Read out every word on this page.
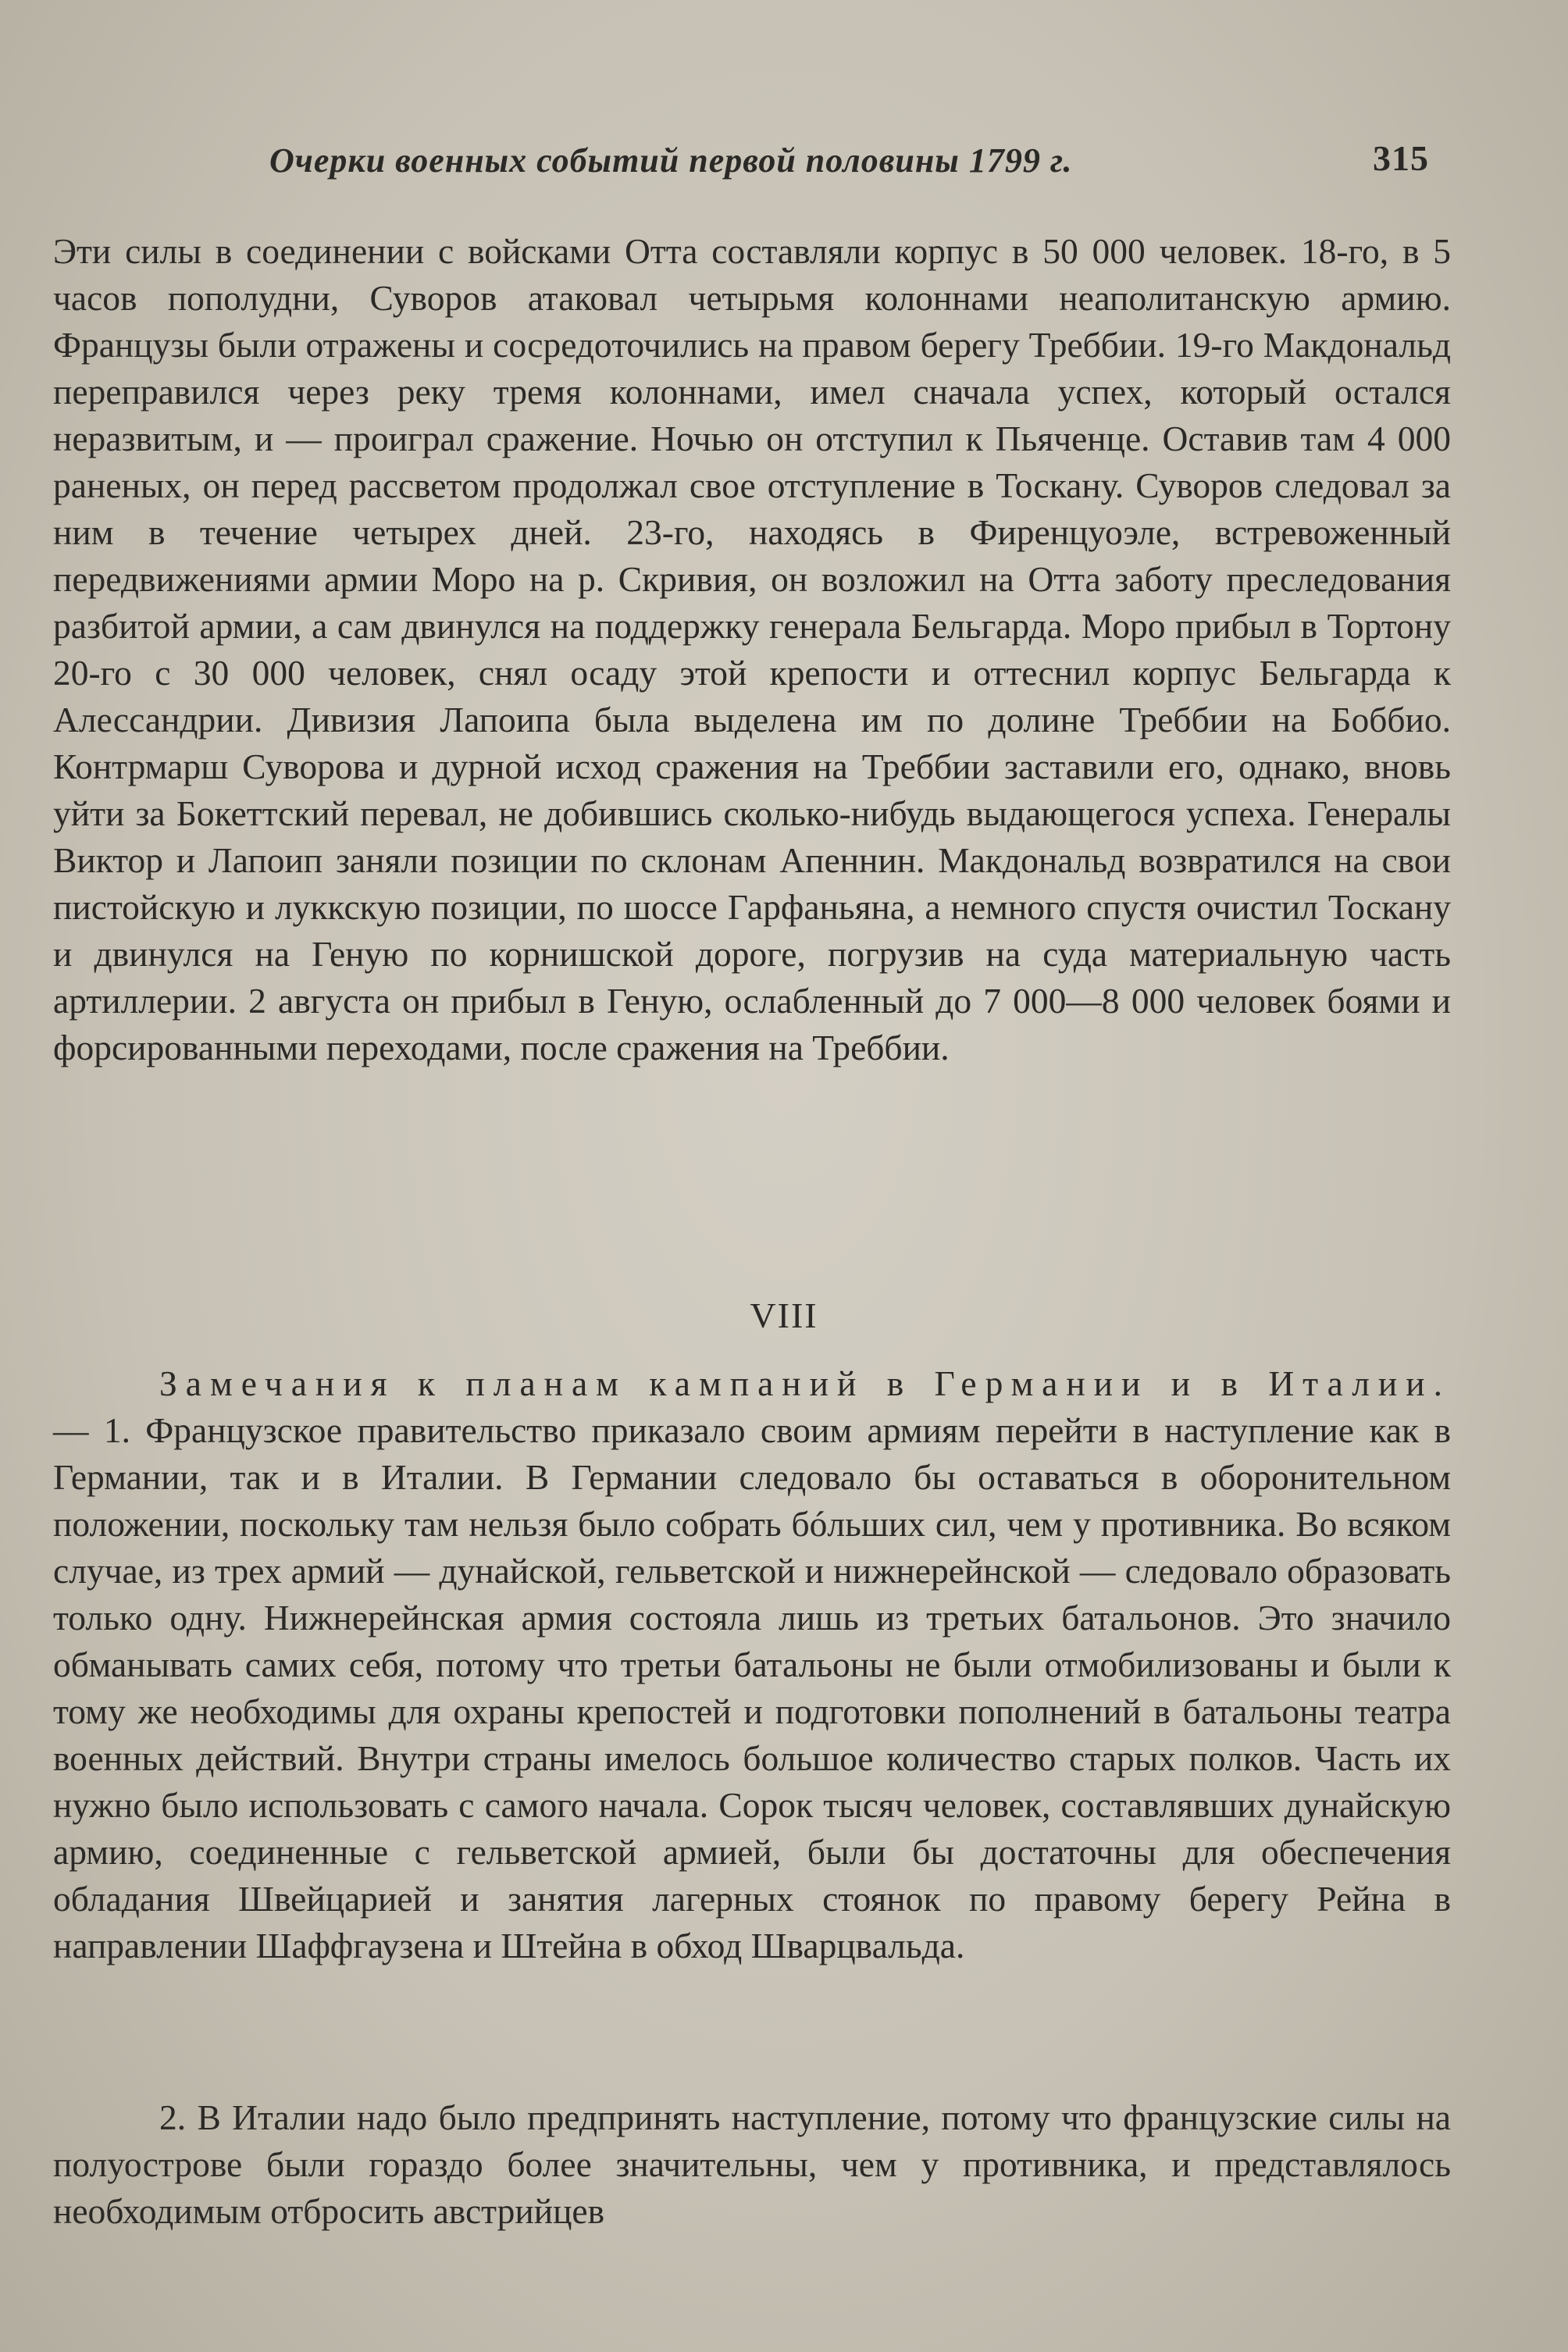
Очерки военных событий первой половины 1799 г.	315

Эти силы в соединении с войсками Отта составляли корпус в 50 000 человек. 18-го, в 5 часов пополудни, Суворов атаковал четырьмя колоннами неаполитанскую армию. Французы были отражены и сосредоточились на правом берегу Треббии. 19-го Макдональд переправился через реку тремя колоннами, имел сначала успех, который остался неразвитым, и — проиграл сражение. Ночью он отступил к Пьяченце. Оставив там 4 000 раненых, он перед рассветом продолжал свое отступление в Тоскану. Суворов следовал за ним в течение четырех дней. 23-го, находясь в Фиренцуоэле, встревоженный передвижениями армии Моро на р. Скривия, он возложил на Отта заботу преследования разбитой армии, а сам двинулся на поддержку генерала Бельгарда. Моро прибыл в Тортону 20-го с 30 000 человек, снял осаду этой крепости и оттеснил корпус Бельгарда к Алессандрии. Дивизия Лапоипа была выделена им по долине Треббии на Боббио. Контрмарш Суворова и дурной исход сражения на Треббии заставили его, однако, вновь уйти за Бокеттский перевал, не добившись сколько-нибудь выдающегося успеха. Генералы Виктор и Лапоип заняли позиции по склонам Апеннин. Макдональд возвратился на свои пистойскую и луккскую позиции, по шоссе Гарфаньяна, а немного спустя очистил Тоскану и двинулся на Геную по корнишской дороге, погрузив на суда материальную часть артиллерии. 2 августа он прибыл в Геную, ослабленный до 7 000—8 000 человек боями и форсированными переходами, после сражения на Треббии.

VIII

Замечания к планам кампаний в Германии и в Италии. — 1. Французское правительство приказало своим армиям перейти в наступление как в Германии, так и в Италии. В Германии следовало бы оставаться в оборонительном положении, поскольку там нельзя было собрать бóльших сил, чем у противника. Во всяком случае, из трех армий — дунайской, гельветской и нижнерейнской — следовало образовать только одну. Нижнерейнская армия состояла лишь из третьих батальонов. Это значило обманывать самих себя, потому что третьи батальоны не были отмобилизованы и были к тому же необходимы для охраны крепостей и подготовки пополнений в батальоны театра военных действий. Внутри страны имелось большое количество старых полков. Часть их нужно было использовать с самого начала. Сорок тысяч человек, составлявших дунайскую армию, соединенные с гельветской армией, были бы достаточны для обеспечения обладания Швейцарией и занятия лагерных стоянок по правому берегу Рейна в направлении Шаффгаузена и Штейна в обход Шварцвальда.

2. В Италии надо было предпринять наступление, потому что французские силы на полуострове были гораздо более значительны, чем у противника, и представлялось необходимым отбросить австрийцев
